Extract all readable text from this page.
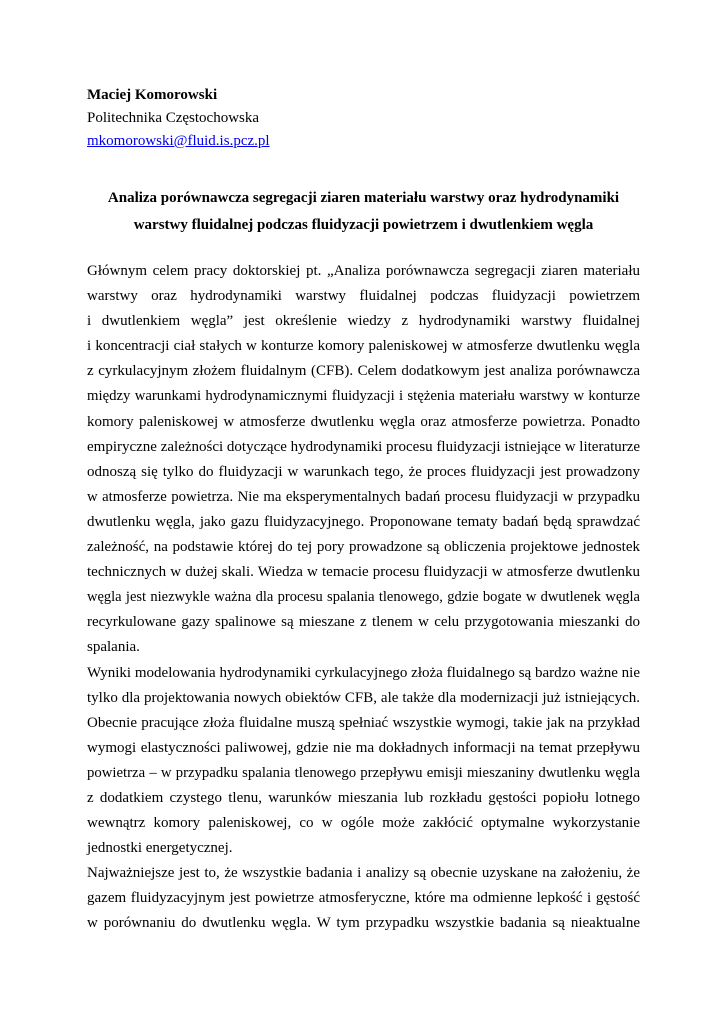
Maciej Komorowski

Politechnika Częstochowska

mkomorowski@fluid.is.pcz.pl

Analiza porównawcza segregacji ziaren materiału warstwy oraz hydrodynamiki
warstwy fluidalnej podczas fluidyzacji powietrzem i dwutlenkiem węgla

Głównym celem pracy doktorskiej pt. „Analiza porównawcza segregacji ziaren materiału
warstwy oraz hydrodynamiki warstwy fluidalnej podczas fluidyzacji powietrzem
i dwutlenkiem węgla” jest określenie wiedzy z hydrodynamiki warstwy fluidalnej
i koncentracji ciał stałych w konturze komory paleniskowej w atmosferze dwutlenku węgla
z cyrkulacyjnym złożem fluidalnym (CFB). Celem dodatkowym jest analiza porównawcza
między warunkami hydrodynamicznymi fluidyzacji i stężenia materiału warstwy w konturze
komory paleniskowej w atmosferze dwutlenku węgla oraz atmosferze powietrza. Ponadto
empiryczne zależności dotyczące hydrodynamiki procesu fluidyzacji istniejące w literaturze
odnoszą się tylko do fluidyzacji w warunkach tego, że proces fluidyzacji jest prowadzony
w atmosferze powietrza. Nie ma eksperymentalnych badań procesu fluidyzacji w przypadku
dwutlenku węgla, jako gazu fluidyzacyjnego. Proponowane tematy badań będą sprawdzać
zależność, na podstawie której do tej pory prowadzone są obliczenia projektowe jednostek
technicznych w dużej skali. Wiedza w temacie procesu fluidyzacji w atmosferze dwutlenku
węgla jest niezwykle ważna dla procesu spalania tlenowego, gdzie bogate w dwutlenek węgla
recyrkulowane gazy spalinowe są mieszane z tlenem w celu przygotowania mieszanki do
spalania.

Wyniki modelowania hydrodynamiki cyrkulacyjnego złoża fluidalnego są bardzo ważne nie
tylko dla projektowania nowych obiektów CFB, ale także dla modernizacji już istniejących.
Obecnie pracujące złoża fluidalne muszą spełniać wszystkie wymogi, takie jak na przykład
wymogi elastyczności paliwowej, gdzie nie ma dokładnych informacji na temat przepływu
powietrza – w przypadku spalania tlenowego przepływu emisji mieszaniny dwutlenku węgla
z dodatkiem czystego tlenu, warunków mieszania lub rozkładu gęstości popiołu lotnego
wewnątrz komory paleniskowej, co w ogóle może zakłócić optymalne wykorzystanie
jednostki energetycznej.

Najważniejsze jest to, że wszystkie badania i analizy są obecnie uzyskane na założeniu, że
gazem fluidyzacyjnym jest powietrze atmosferyczne, które ma odmienne lepkość i gęstość
w porównaniu do dwutlenku węgla. W tym przypadku wszystkie badania są nieaktualne
